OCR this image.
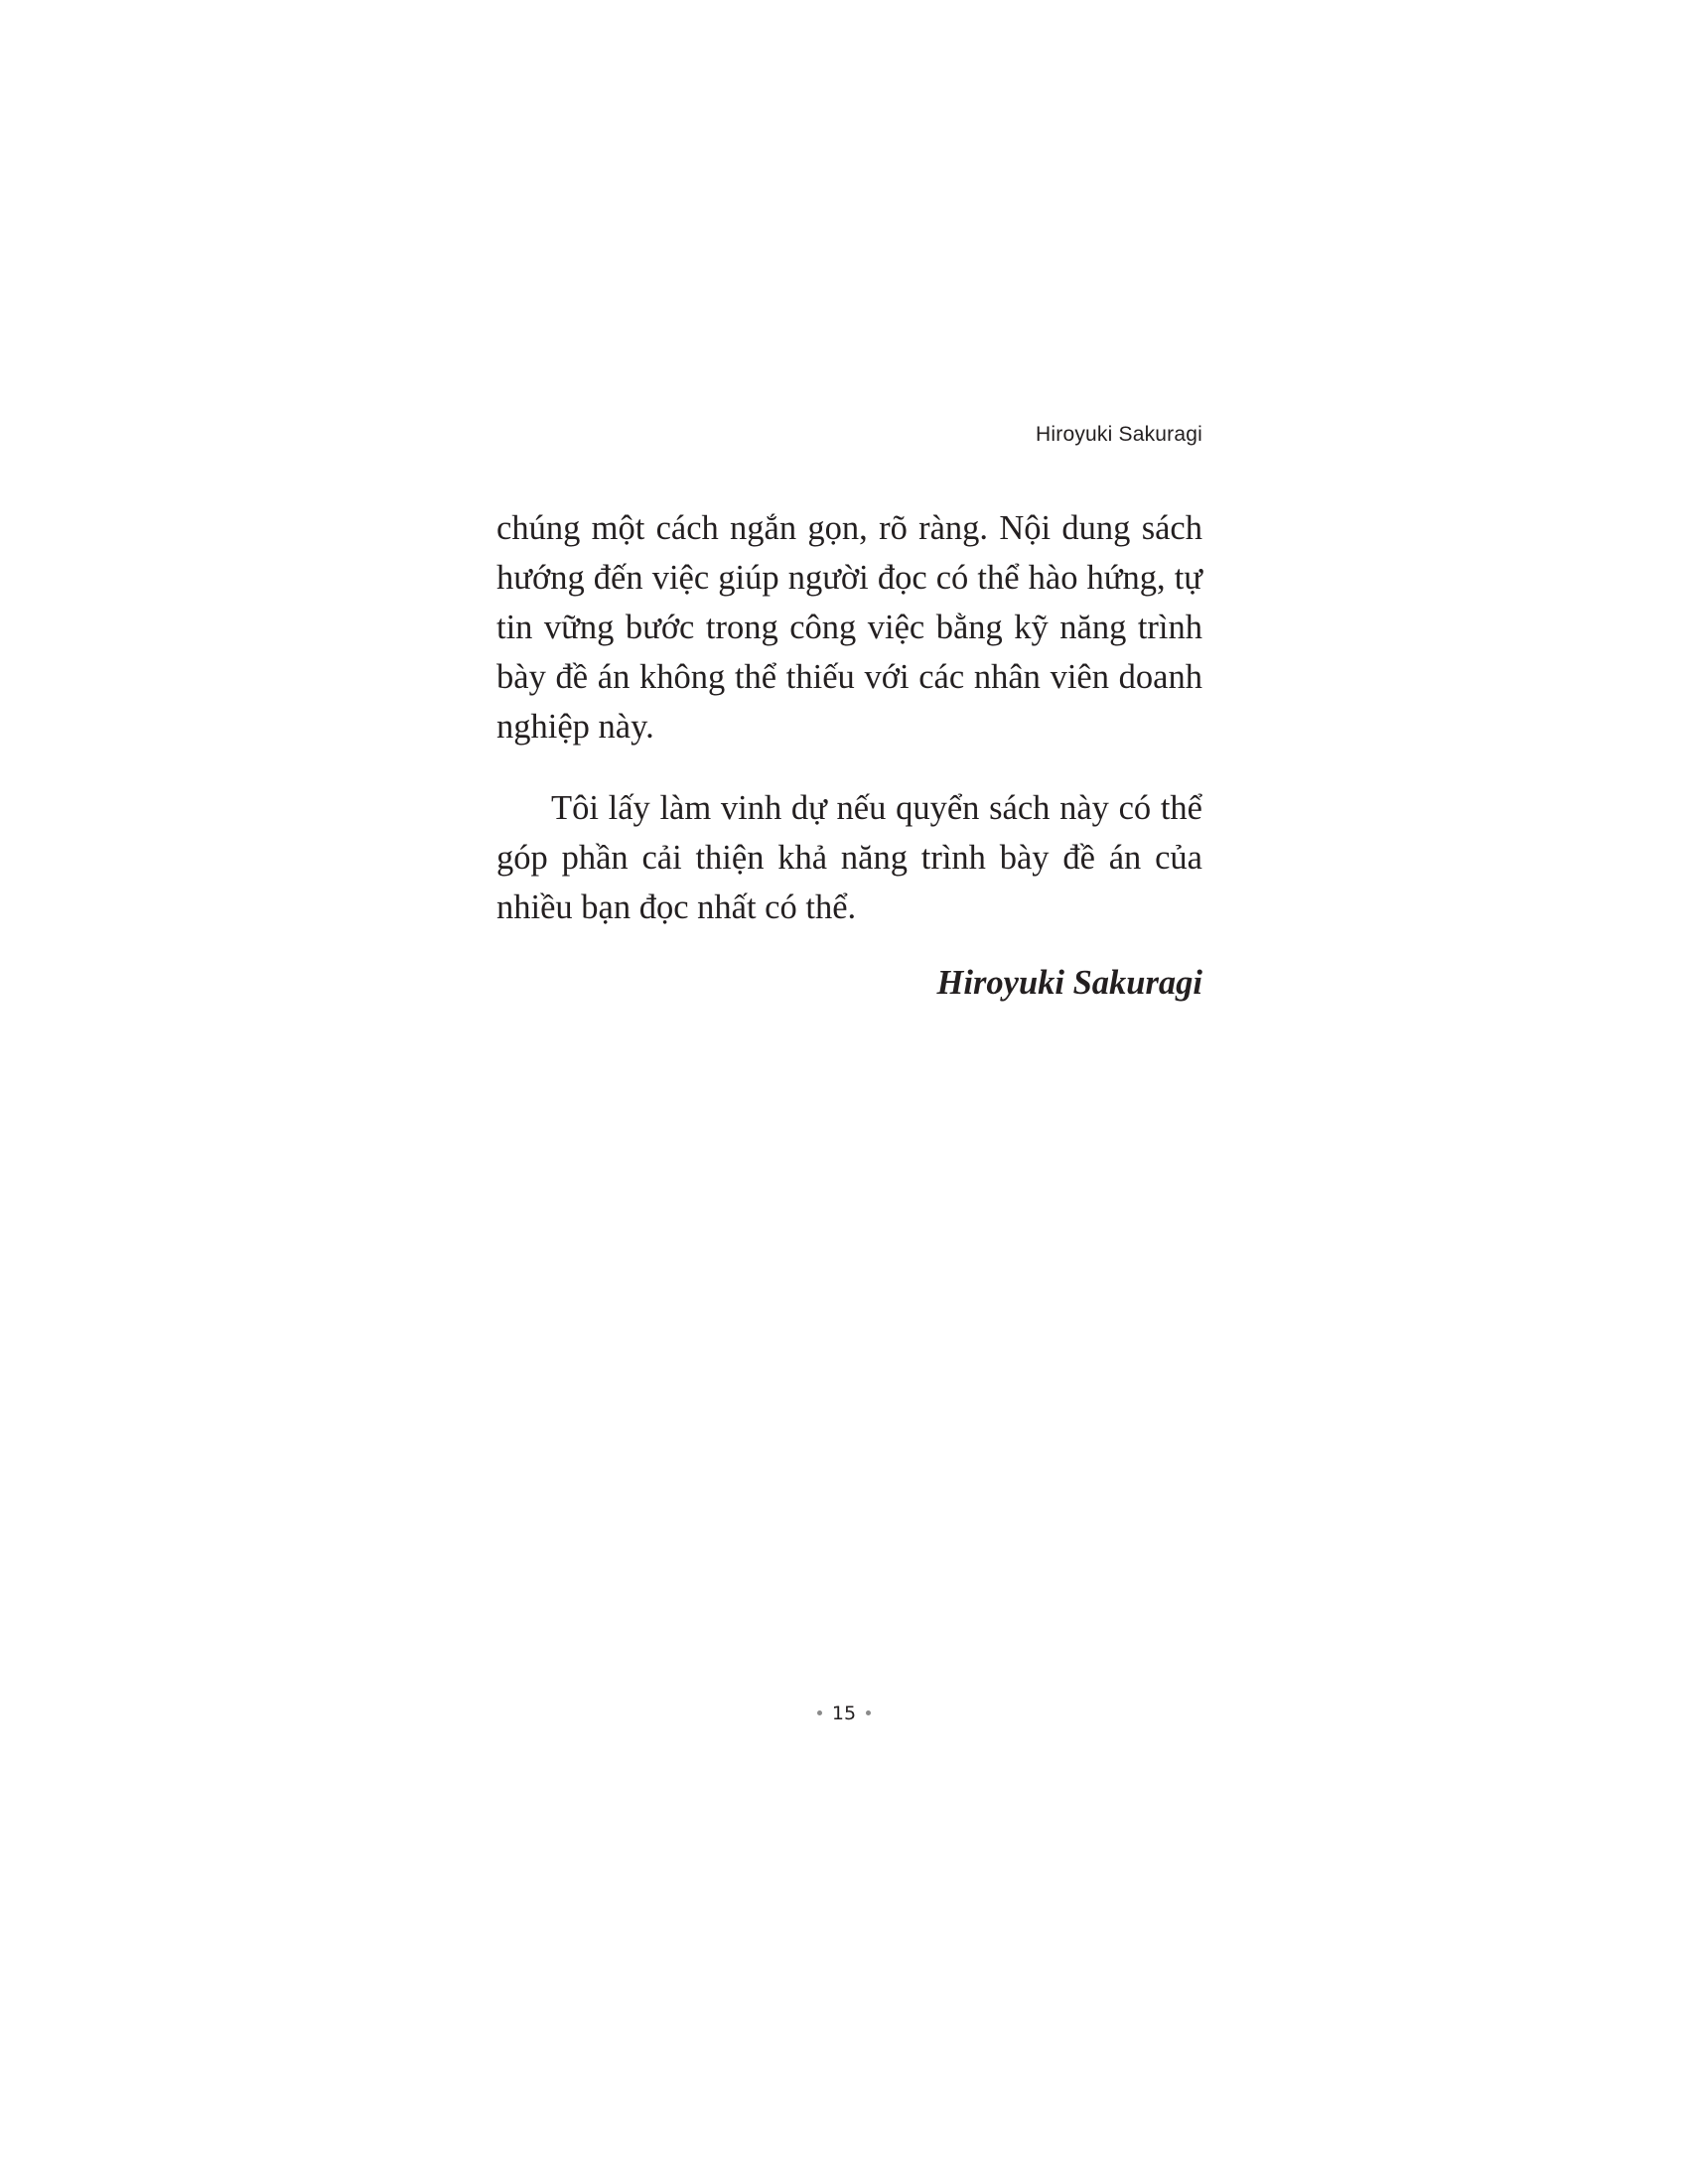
Hiroyuki Sakuragi

chúng một cách ngắn gọn, rõ ràng. Nội dung sách hướng đến việc giúp người đọc có thể hào hứng, tự tin vững bước trong công việc bằng kỹ năng trình bày đề án không thể thiếu với các nhân viên doanh nghiệp này.

Tôi lấy làm vinh dự nếu quyển sách này có thể góp phần cải thiện khả năng trình bày đề án của nhiều bạn đọc nhất có thể.

Hiroyuki Sakuragi

15
